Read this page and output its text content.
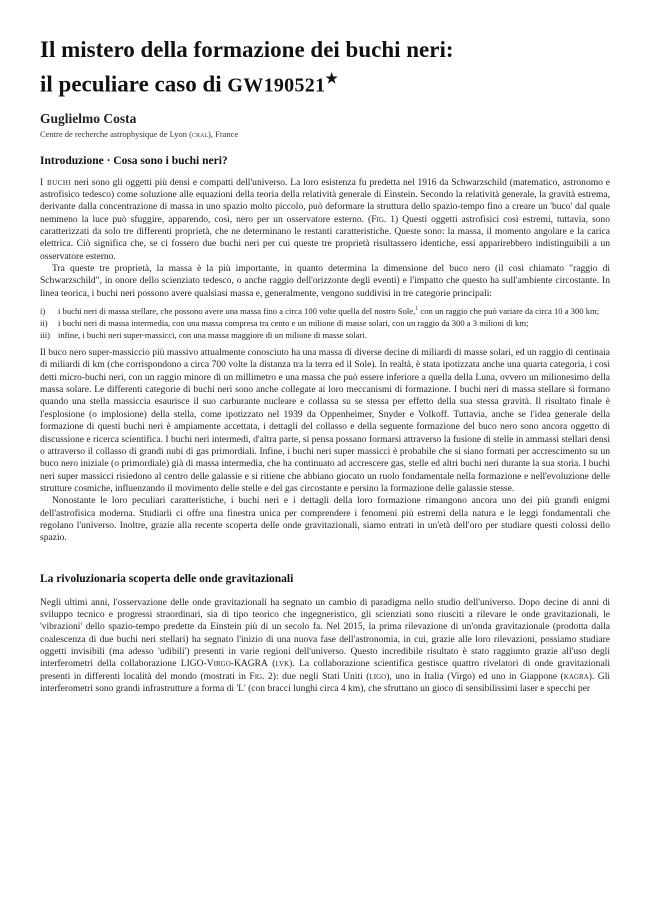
Il mistero della formazione dei buchi neri:
il peculiare caso di GW190521★

Guglielmo Costa

Centre de recherche astrophysique de Lyon (cral), France

Introduzione · Cosa sono i buchi neri?

I buchi neri sono gli oggetti più densi e compatti dell'universo. La loro esistenza fu predetta nel 1916 da Schwarzschild (matematico, astronomo e astrofisico tedesco) come soluzione alle equazioni della teoria della relatività generale di Einstein. Secondo la relatività generale, la gravità estrema, derivante dalla concentrazione di massa in uno spazio molto piccolo, può deformare la struttura dello spazio-tempo fino a creare un 'buco' dal quale nemmeno la luce può sfuggire, apparendo, così, nero per un osservatore esterno. (Fig. 1) Questi oggetti astrofisici così estremi, tuttavia, sono caratterizzati da solo tre differenti proprietà, che ne determinano le restanti caratteristiche. Queste sono: la massa, il momento angolare e la carica elettrica. Ciò significa che, se ci fossero due buchi neri per cui queste tre proprietà risultassero identiche, essi apparirebbero indistinguibili a un osservatore esterno.

Tra queste tre proprietà, la massa è la più importante, in quanto determina la dimensione del buco nero (il così chiamato "raggio di Schwarzschild", in onore dello scienziato tedesco, o anche raggio dell'orizzonte degli eventi) e l'impatto che questo ha sull'ambiente circostante. In linea teorica, i buchi neri possono avere qualsiasi massa e, generalmente, vengono suddivisi in tre categorie principali:

i) i buchi neri di massa stellare, che possono avere una massa fino a circa 100 volte quella del nostro Sole,$^1$ con un raggio che può variare da circa 10 a 300 km;
ii) i buchi neri di massa intermedia, con una massa compresa tra cento e un milione di masse solari, con un raggio da 300 a 3 milioni di km;
iii) infine, i buchi neri super-massicci, con una massa maggiore di un milione di masse solari.

Il buco nero super-massiccio più massivo attualmente conosciuto ha una massa di diverse decine di miliardi di masse solari, ed un raggio di centinaia di miliardi di km (che corrispondono a circa 700 volte la distanza tra la terra ed il Sole). In realtà, è stata ipotizzata anche una quarta categoria, i così detti micro-buchi neri, con un raggio minore di un millimetro e una massa che può essere inferiore a quella della Luna, ovvero un milionesimo della massa solare. Le differenti categorie di buchi neri sono anche collegate ai loro meccanismi di formazione. I buchi neri di massa stellare si formano quando una stella massiccia esaurisce il suo carburante nucleare e collassa su se stessa per effetto della sua stessa gravità. Il risultato finale è l'esplosione (o implosione) della stella, come ipotizzato nel 1939 da Oppenheimer, Snyder e Volkoff. Tuttavia, anche se l'idea generale della formazione di questi buchi neri è ampiamente accettata, i dettagli del collasso e della seguente formazione del buco nero sono ancora oggetto di discussione e ricerca scientifica. I buchi neri intermedi, d'altra parte, si pensa possano formarsi attraverso la fusione di stelle in ammassi stellari densi o attraverso il collasso di grandi nubi di gas primordiali. Infine, i buchi neri super massicci è probabile che si siano formati per accrescimento su un buco nero iniziale (o primordiale) già di massa intermedia, che ha continuato ad accrescere gas, stelle ed altri buchi neri durante la sua storia. I buchi neri super massicci risiedono al centro delle galassie e si ritiene che abbiano giocato un ruolo fondamentale nella formazione e nell'evoluzione delle strutture cosmiche, influenzando il movimento delle stelle e del gas circostante e persino la formazione delle galassie stesse.

Nonostante le loro peculiari caratteristiche, i buchi neri e i dettagli della loro formazione rimangono ancora uno dei più grandi enigmi dell'astrofisica moderna. Studiarli ci offre una finestra unica per comprendere i fenomeni più estremi della natura e le leggi fondamentali che regolano l'universo. Inoltre, grazie alla recente scoperta delle onde gravitazionali, siamo entrati in un'età dell'oro per studiare questi colossi dello spazio.

La rivoluzionaria scoperta delle onde gravitazionali

Negli ultimi anni, l'osservazione delle onde gravitazionali ha segnato un cambio di paradigma nello studio dell'universo. Dopo decine di anni di sviluppo tecnico e progressi straordinari, sia di tipo teorico che ingegneristico, gli scienziati sono riusciti a rilevare le onde gravitazionali, le 'vibrazioni' dello spazio-tempo predette da Einstein più di un secolo fa. Nel 2015, la prima rilevazione di un'onda gravitazionale (prodotta dalla coalescenza di due buchi neri stellari) ha segnato l'inizio di una nuova fase dell'astronomia, in cui, grazie alle loro rilevazioni, possiamo studiare oggetti invisibili (ma adesso 'udibili') presenti in varie regioni dell'universo. Questo incredibile risultato è stato raggiunto grazie all'uso degli interferometri della collaborazione LIGO-Virgo-KAGRA (lvk). La collaborazione scientifica gestisce quattro rivelatori di onde gravitazionali presenti in differenti località del mondo (mostrati in Fig. 2): due negli Stati Uniti (ligo), uno in Italia (Virgo) ed uno in Giappone (kagra). Gli interferometri sono grandi infrastrutture a forma di 'L' (con bracci lunghi circa 4 km), che sfruttano un gioco di sensibilissimi laser e specchi per
